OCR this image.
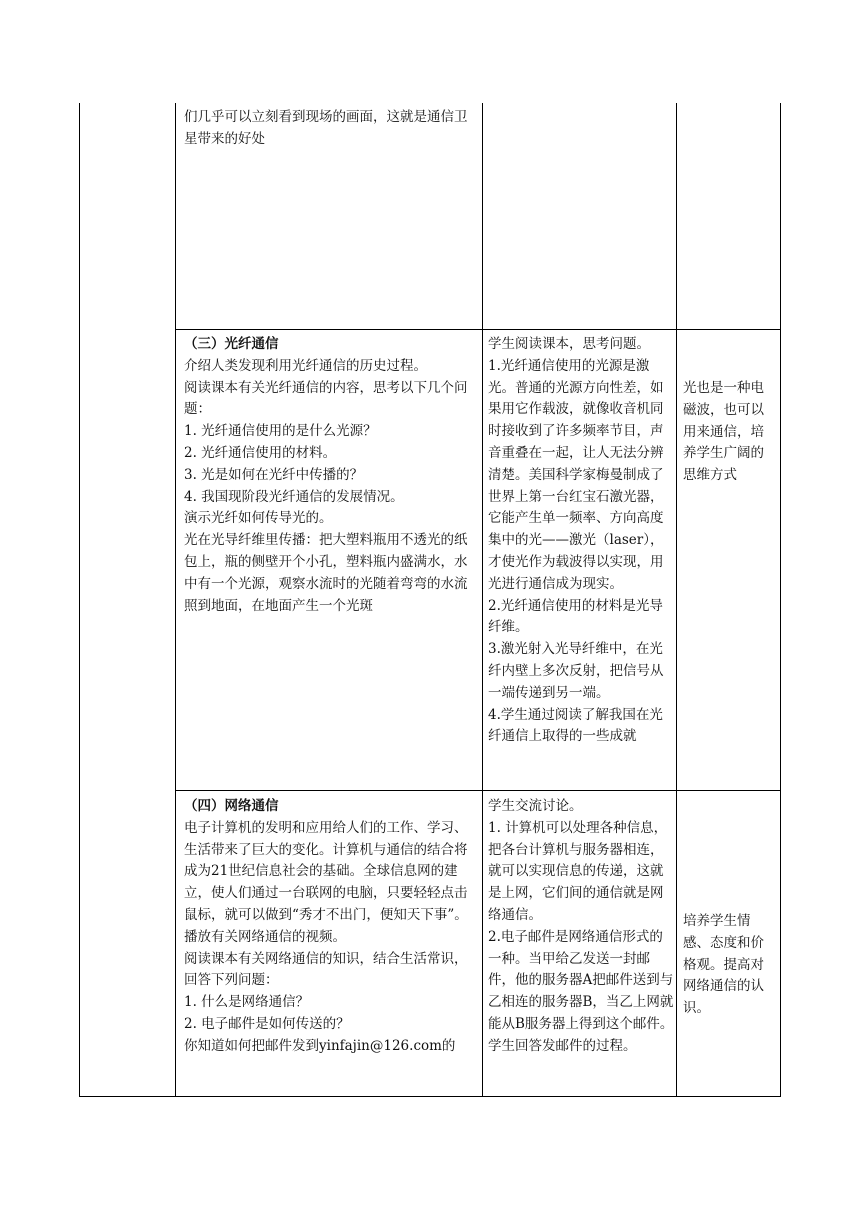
们几乎可以立刻看到现场的画面，这就是通信卫星带来的好处

（三）光纤通信

介绍人类发现利用光纤通信的历史过程。

阅读课本有关光纤通信的内容，思考以下几个问题：

1. 光纤通信使用的是什么光源？

2. 光纤通信使用的材料。

3. 光是如何在光纤中传播的？

4. 我国现阶段光纤通信的发展情况。

演示光纤如何传导光的。

光在光导纤维里传播：把大塑料瓶用不透光的纸包上，瓶的侧壁开个小孔，塑料瓶内盛满水，水中有一个光源，观察水流时的光随着弯弯的水流照到地面，在地面产生一个光斑

学生阅读课本，思考问题。

1.光纤通信使用的光源是激光。普通的光源方向性差，如果用它作载波，就像收音机同时接收到了许多频率节目，声音重叠在一起，让人无法分辨清楚。美国科学家梅曼制成了世界上第一台红宝石激光器，它能产生单一频率、方向高度集中的光——激光（laser），才使光作为载波得以实现，用光进行通信成为现实。

2.光纤通信使用的材料是光导纤维。

3.激光射入光导纤维中，在光纤内壁上多次反射，把信号从一端传递到另一端。

4.学生通过阅读了解我国在光纤通信上取得的一些成就

光也是一种电磁波，也可以用来通信，培养学生广阔的思维方式

（四）网络通信

电子计算机的发明和应用给人们的工作、学习、生活带来了巨大的变化。计算机与通信的结合将成为21世纪信息社会的基础。全球信息网的建立，使人们通过一台联网的电脑，只要轻轻点击鼠标，就可以做到“秀才不出门，便知天下事”。

播放有关网络通信的视频。

阅读课本有关网络通信的知识，结合生活常识，回答下列问题：

1. 什么是网络通信？

2. 电子邮件是如何传送的？

你知道如何把邮件发到yinfajin@126.com的

学生交流讨论。

1. 计算机可以处理各种信息，把各台计算机与服务器相连，就可以实现信息的传递，这就是上网，它们间的通信就是网络通信。

2.电子邮件是网络通信形式的一种。当甲给乙发送一封邮件，他的服务器A把邮件送到与乙相连的服务器B，当乙上网就能从B服务器上得到这个邮件。

学生回答发邮件的过程。

培养学生情感、态度和价格观。提高对网络通信的认识。
